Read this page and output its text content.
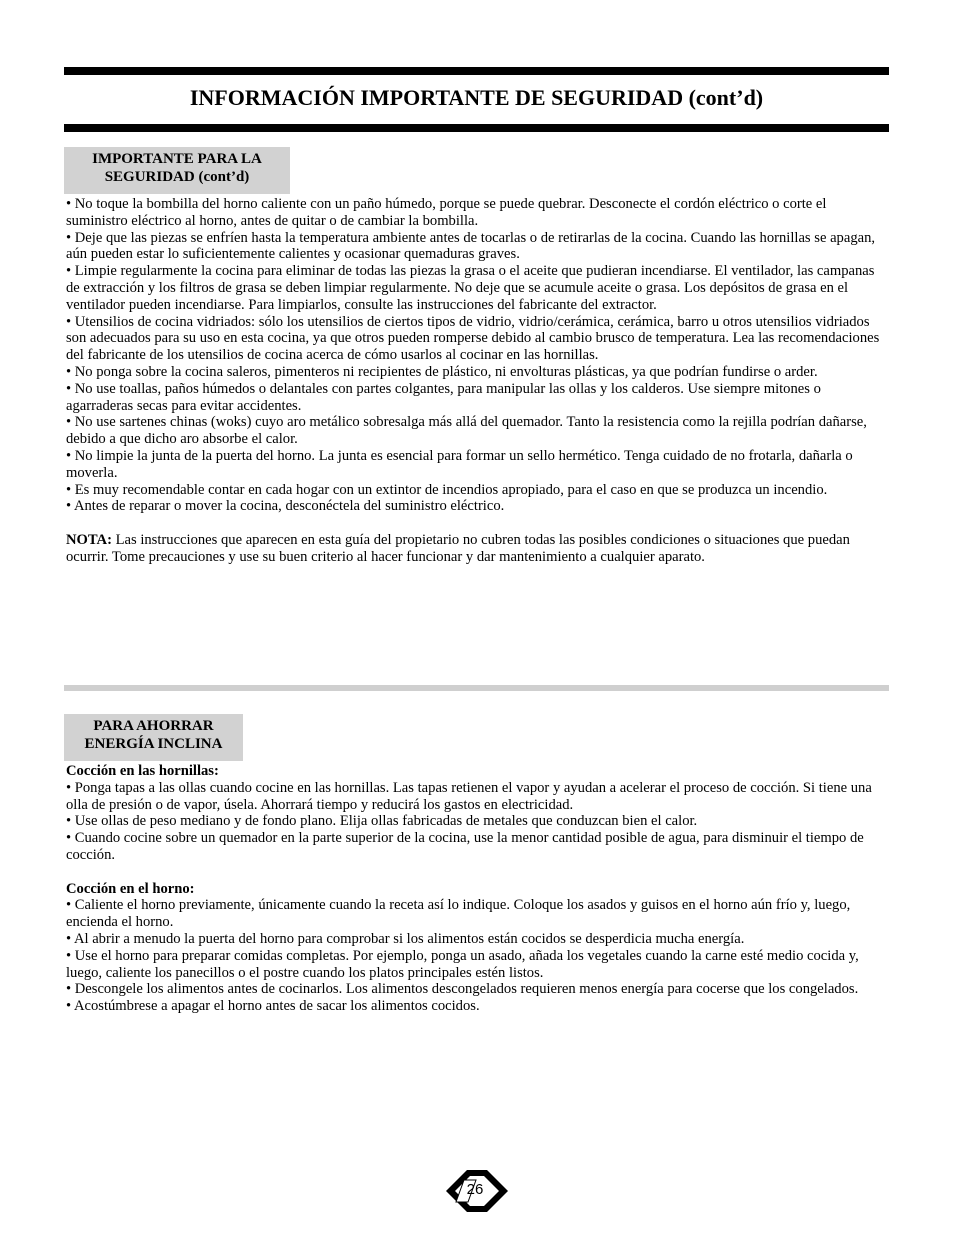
INFORMACIÓN IMPORTANTE DE SEGURIDAD (cont’d)
IMPORTANTE PARA LA
SEGURIDAD (cont’d)

• No toque la bombilla del horno caliente con un paño húmedo, porque se puede quebrar. Desconecte el cordón eléctrico o corte el suministro eléctrico al horno, antes de quitar o de cambiar la bombilla.

• Deje que las piezas se enfríen hasta la temperatura ambiente antes de tocarlas o de retirarlas de la cocina. Cuando las hornillas se apagan, aún pueden estar lo suficientemente calientes y ocasionar quemaduras graves.

• Limpie regularmente la cocina para eliminar de todas las piezas la grasa o el aceite que pudieran incendiarse. El ventilador, las campanas de extracción y los filtros de grasa se deben limpiar regularmente. No deje que se acumule aceite o grasa. Los depósitos de grasa en el ventilador pueden incendiarse. Para limpiarlos, consulte las instrucciones del fabricante del extractor.

• Utensilios de cocina vidriados: sólo los utensilios de ciertos tipos de vidrio, vidrio/cerámica, cerámica, barro u otros utensilios vidriados son adecuados para su uso en esta cocina, ya que otros pueden romperse debido al cambio brusco de temperatura. Lea las recomendaciones del fabricante de los utensilios de cocina acerca de cómo usarlos al cocinar en las hornillas.

• No ponga sobre la cocina saleros, pimenteros ni recipientes de plástico, ni envolturas plásticas, ya que podrían fundirse o arder.

• No use toallas, paños húmedos o delantales con partes colgantes, para manipular las ollas y los calderos. Use siempre mitones o agarraderas secas para evitar accidentes.

• No use sartenes chinas (woks) cuyo aro metálico sobresalga más allá del quemador. Tanto la resistencia como la rejilla podrían dañarse, debido a que dicho aro absorbe el calor.

• No limpie la junta de la puerta del horno. La junta es esencial para formar un sello hermético. Tenga cuidado de no frotarla, dañarla o moverla.

• Es muy recomendable contar en cada hogar con un extintor de incendios apropiado, para el caso en que se produzca un incendio.

• Antes de reparar o mover la cocina, desconéctela del suministro eléctrico.

NOTA: Las instrucciones que aparecen en esta guía del propietario no cubren todas las posibles condiciones o situaciones que puedan ocurrir. Tome precauciones y use su buen criterio al hacer funcionar y dar mantenimiento a cualquier aparato.

PARA AHORRAR
ENERGÍA INCLINA

Cocción en las hornillas:

• Ponga tapas a las ollas cuando cocine en las hornillas. Las tapas retienen el vapor y ayudan a acelerar el proceso de cocción. Si tiene una olla de presión o de vapor, úsela. Ahorrará tiempo y reducirá los gastos en electricidad.

• Use ollas de peso mediano y de fondo plano. Elija ollas fabricadas de metales que conduzcan bien el calor.

• Cuando cocine sobre un quemador en la parte superior de la cocina, use la menor cantidad posible de agua, para disminuir el tiempo de cocción.

Cocción en el horno:

• Caliente el horno previamente, únicamente cuando la receta así lo indique. Coloque los asados y guisos en el horno aún frío y, luego, encienda el horno.

• Al abrir a menudo la puerta del horno para comprobar si los alimentos están cocidos se desperdicia mucha energía.

• Use el horno para preparar comidas completas. Por ejemplo, ponga un asado, añada los vegetales cuando la carne esté medio cocida y, luego, caliente los panecillos o el postre cuando los platos principales estén listos.

• Descongele los alimentos antes de cocinarlos. Los alimentos descongelados requieren menos energía para cocerse que los congelados.

• Acostúmbrese a apagar el horno antes de sacar los alimentos cocidos.

26
